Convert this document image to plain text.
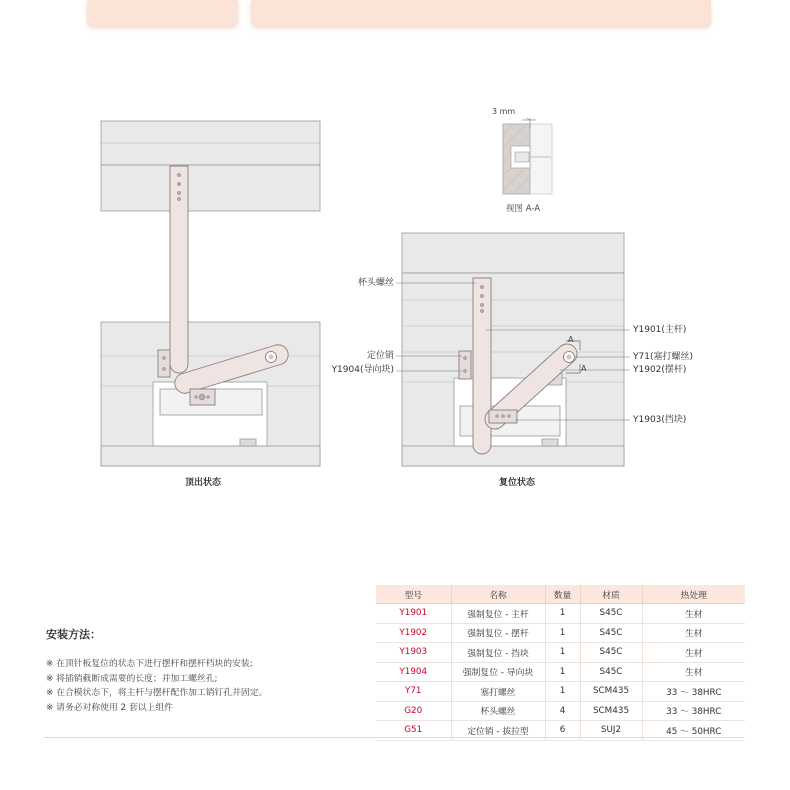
3 mm
视图 A-A
A
A
杯头螺丝
定位销
Y1904(导向块)
Y1901(主杆)
Y71(塞打螺丝)
Y1902(摆杆)
Y1903(挡块)
顶出状态	复位状态
安装方法：
※ 在顶针板复位的状态下进行摆杆和摆杆档块的安装;
※ 将插销截断成需要的长度；并加工螺丝孔;
※ 在合模状态下，将主杆与摆杆配作加工销钉孔并固定。
※ 请务必对称使用 2 套以上组件
型号	名称	数量	材质	热处理
Y1901	强制复位 - 主杆	1	S45C	生材
Y1902	强制复位 - 摆杆	1	S45C	生材
Y1903	强制复位 - 挡块	1	S45C	生材
Y1904	强制复位 - 导向块	1	S45C	生材
Y71	塞打螺丝	1	SCM435	33 ～ 38HRC
G20	杯头螺丝	4	SCM435	33 ～ 38HRC
G51	定位销 - 拔拉型	6	SUJ2	45 ～ 50HRC
